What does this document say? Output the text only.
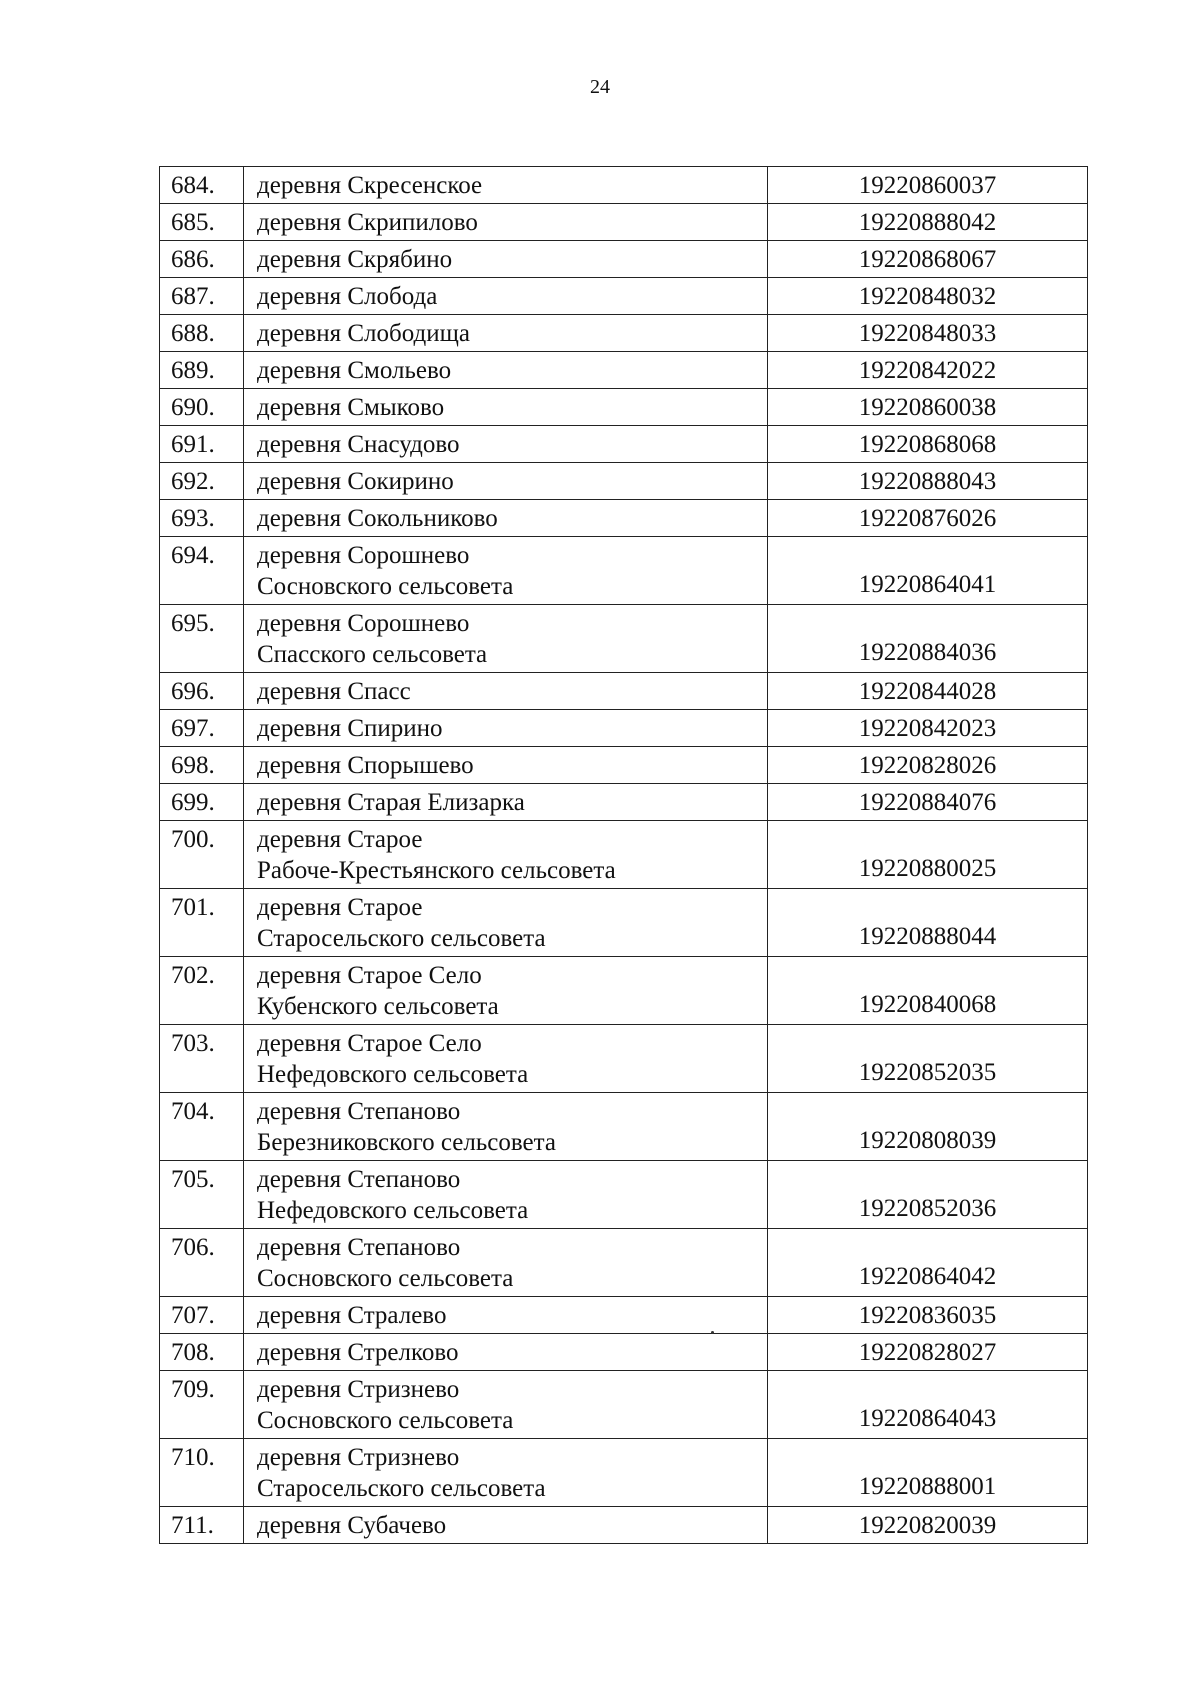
24
684.	деревня Скресенское	19220860037
685.	деревня Скрипилово	19220888042
686.	деревня Скрябино	19220868067
687.	деревня Слобода	19220848032
688.	деревня Слободища	19220848033
689.	деревня Смольево	19220842022
690.	деревня Смыково	19220860038
691.	деревня Снасудово	19220868068
692.	деревня Сокирино	19220888043
693.	деревня Сокольниково	19220876026
694.	деревня Сорошнево
Сосновского сельсовета	19220864041
695.	деревня Сорошнево
Спасского сельсовета	19220884036
696.	деревня Спасс	19220844028
697.	деревня Спирино	19220842023
698.	деревня Спорышево	19220828026
699.	деревня Старая Елизарка	19220884076
700.	деревня Старое
Рабоче-Крестьянского сельсовета	19220880025
701.	деревня Старое
Старосельского сельсовета	19220888044
702.	деревня Старое Село
Кубенского сельсовета	19220840068
703.	деревня Старое Село
Нефедовского сельсовета	19220852035
704.	деревня Степаново
Березниковского сельсовета	19220808039
705.	деревня Степаново
Нефедовского сельсовета	19220852036
706.	деревня Степаново
Сосновского сельсовета	19220864042
707.	деревня Стралево	19220836035
708.	деревня Стрелково	19220828027
709.	деревня Стризнево
Сосновского сельсовета	19220864043
710.	деревня Стризнево
Старосельского сельсовета	19220888001
711.	деревня Субачево	19220820039
